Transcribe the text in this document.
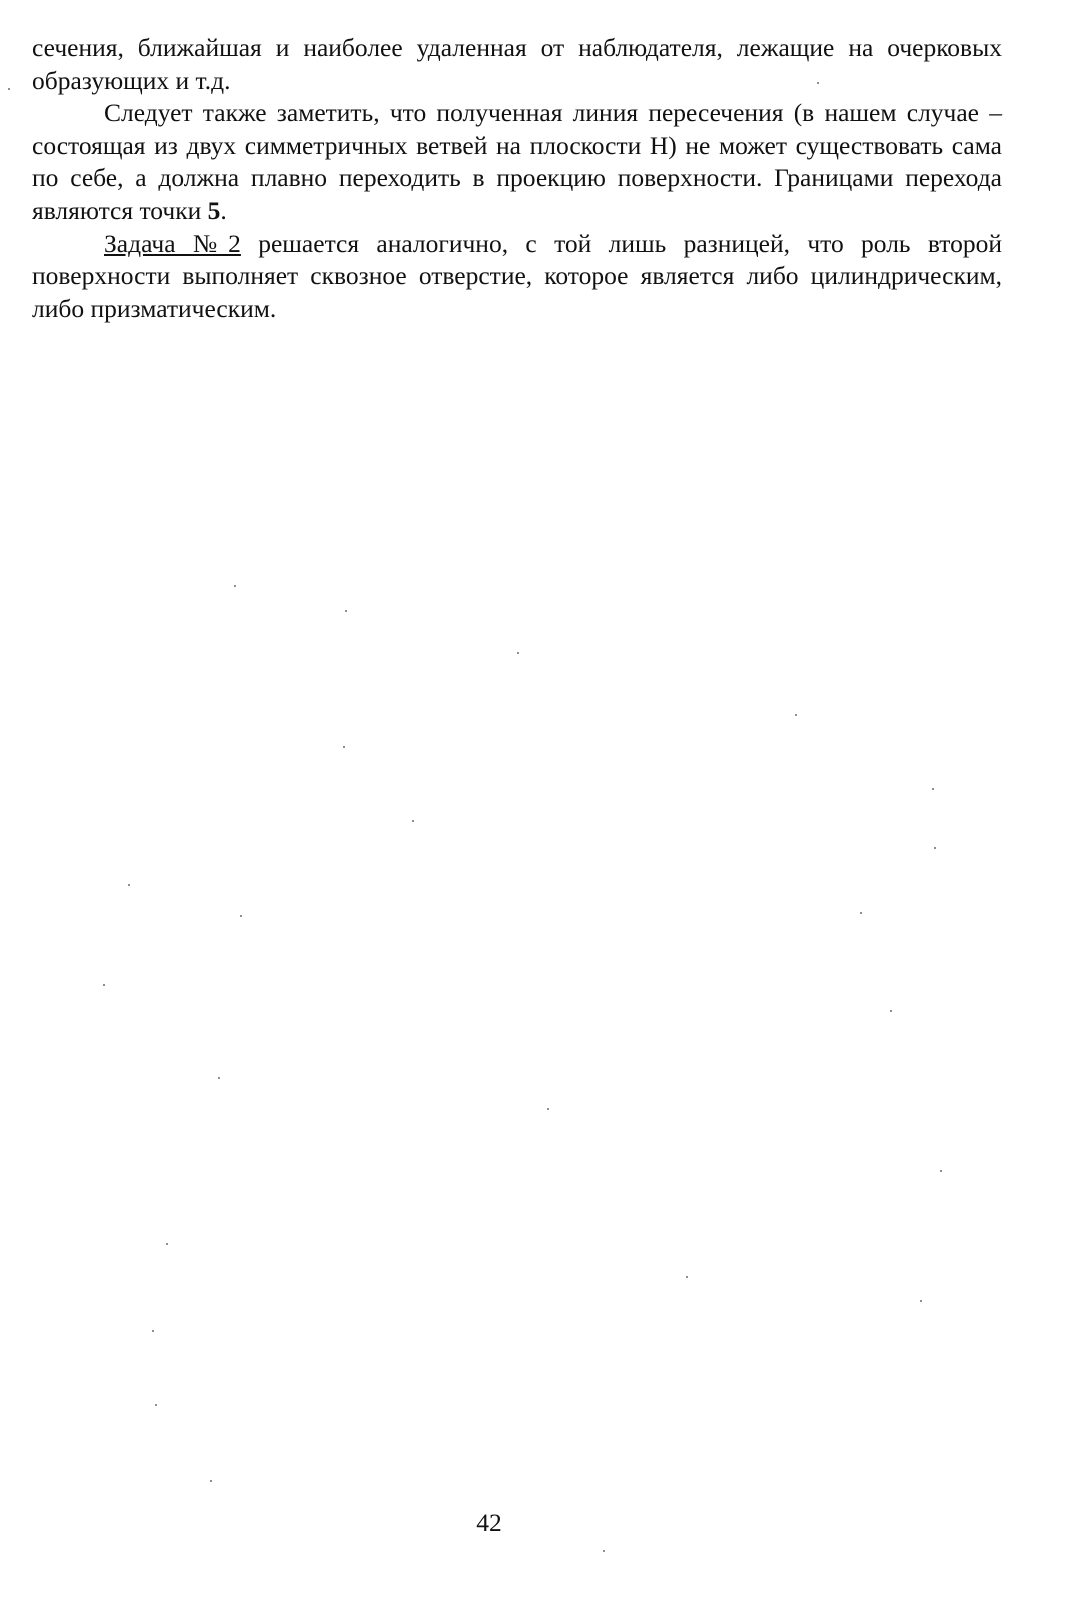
сечения, ближайшая и наиболее удаленная от наблюдателя, лежащие на очерковых образующих и т.д.

Следует также заметить, что полученная линия пересечения (в нашем случае – состоящая из двух симметричных ветвей на плоскости Н) не может существовать сама по себе, а должна плавно переходить в проекцию поверхности. Границами перехода являются точки 5.

Задача №2 решается аналогично, с той лишь разницей, что роль второй поверхности выполняет сквозное отверстие, которое является либо цилиндрическим, либо призматическим.

42
